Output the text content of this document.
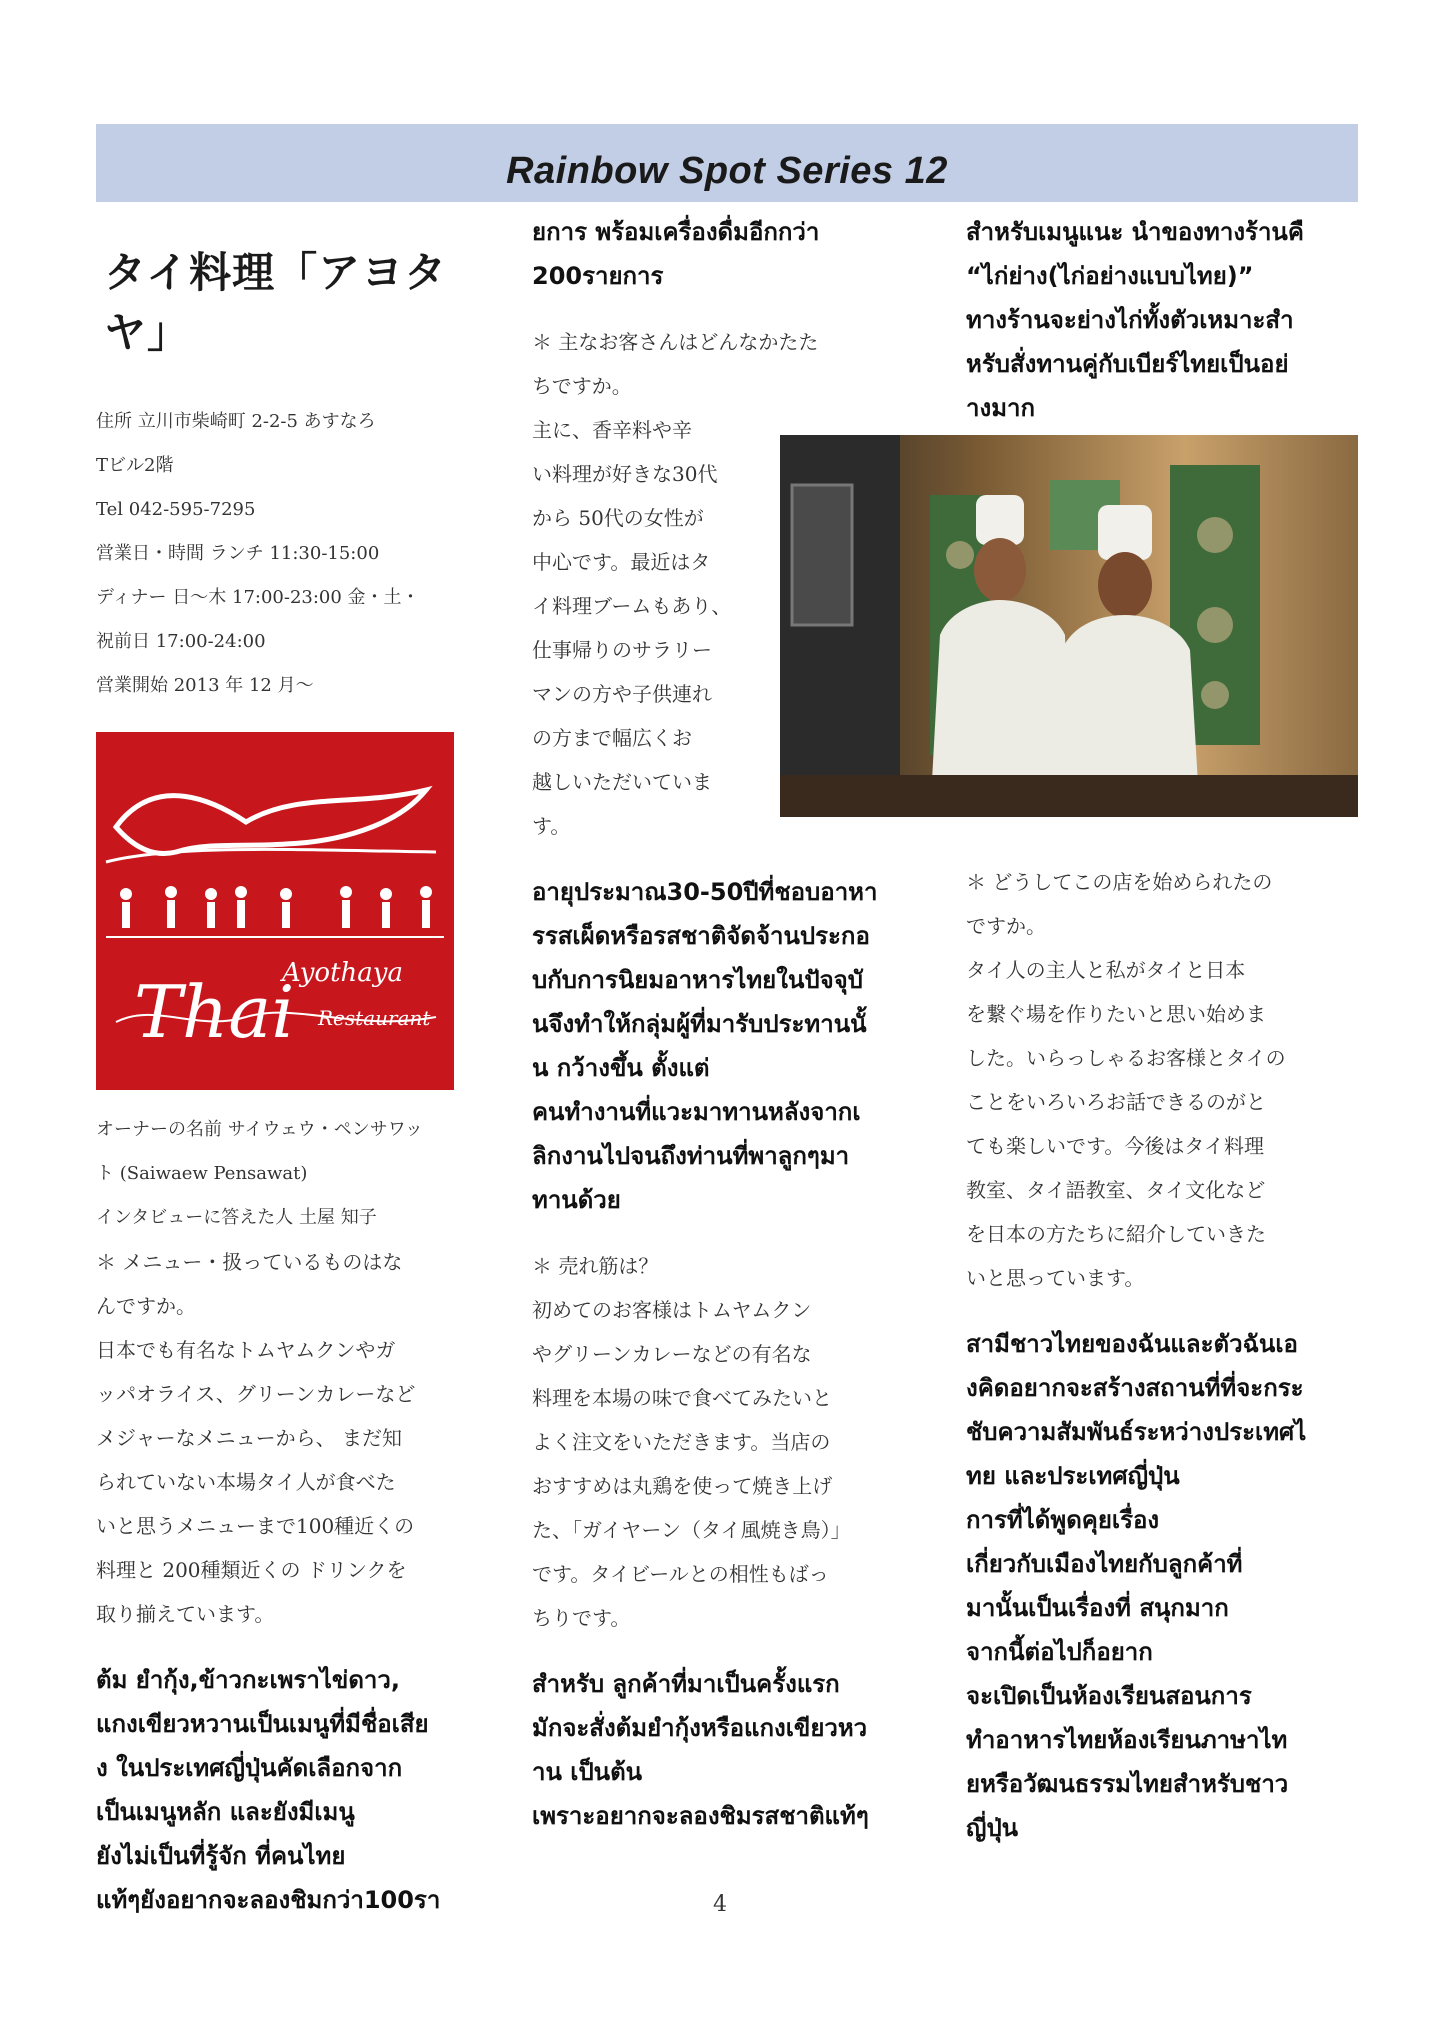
Rainbow Spot Series 12
タイ料理「アヨタヤ」
住所 立川市柴崎町 2-2-5 あすなろ
Tビル2階
Tel 042-595-7295
営業日・時間 ランチ 11:30-15:00
ディナー 日〜木 17:00-23:00 金・土・
祝前日 17:00-24:00
営業開始 2013 年 12 月〜
Thai
Ayothaya
Restaurant
オーナーの名前 サイウェウ・ペンサワッ
ト (Saiwaew Pensawat)
インタビューに答えた人 土屋 知子
＊ メニュー・扱っているものはな
んですか。
日本でも有名なトムヤムクンやガ
ッパオライス、グリーンカレーなど
メジャーなメニューから、 まだ知
られていない本場タイ人が食べた
いと思うメニューまで100種近くの
料理と 200種類近くの ドリンクを
取り揃えています。
ต้ม ยำกุ้ง,ข้าวกะเพราไข่ดาว,
แกงเขียวหวานเป็นเมนูที่มีชื่อเสีย
ง ในประเทศญี่ปุ่นคัดเลือกจาก
เป็นเมนูหลัก และยังมีเมนู
ยังไม่เป็นที่รู้จัก ที่คนไทย
แท้ๆยังอยากจะลองชิมกว่า100รา
ยการ พร้อมเครื่องดื่มอีกกว่า
200รายการ
＊ 主なお客さんはどんなかたた
ちですか。
主に、香辛料や辛
い料理が好きな30代
から 50代の女性が
中心です。最近はタ
イ料理ブームもあり、
仕事帰りのサラリー
マンの方や子供連れ
の方まで幅広くお
越しいただいていま
す。
อายุประมาณ30-50ปีที่ชอบอาหา
รรสเผ็ดหรือรสชาติจัดจ้านประกอ
บกับการนิยมอาหารไทยในปัจจุบั
นจึงทำให้กลุ่มผู้ที่มารับประทานนั้
น กว้างขึ้น ตั้งแต่
คนทำงานที่แวะมาทานหลังจากเ
ลิกงานไปจนถึงท่านที่พาลูกๆมา
ทานด้วย
＊ 売れ筋は？
初めてのお客様はトムヤムクン
やグリーンカレーなどの有名な
料理を本場の味で食べてみたいと
よく注文をいただきます。当店の
おすすめは丸鶏を使って焼き上げ
た、「ガイヤーン（タイ風焼き鳥）」
です。タイビールとの相性もばっ
ちりです。
สำหรับ ลูกค้าที่มาเป็นครั้งแรก
มักจะสั่งต้มยำกุ้งหรือแกงเขียวหว
าน เป็นต้น
เพราะอยากจะลองชิมรสชาติแท้ๆ
สำหรับเมนูแนะ นำของทางร้านคื
“ไก่ย่าง(ไก่อย่างแบบไทย)”
ทางร้านจะย่างไก่ทั้งตัวเหมาะสำ
หรับสั่งทานคู่กับเบียร์ไทยเป็นอย่
างมาก
＊ どうしてこの店を始められたの
ですか。
タイ人の主人と私がタイと日本
を繋ぐ場を作りたいと思い始めま
した。いらっしゃるお客様とタイの
ことをいろいろお話できるのがと
ても楽しいです。今後はタイ料理
教室、タイ語教室、タイ文化など
を日本の方たちに紹介していきた
いと思っています。
สามีชาวไทยของฉันและตัวฉันเอ
งคิดอยากจะสร้างสถานที่ที่จะกระ
ชับความสัมพันธ์ระหว่างประเทศไ
ทย และประเทศญี่ปุ่น
การที่ได้พูดคุยเรื่อง
เกี่ยวกับเมืองไทยกับลูกค้าที่
มานั้นเป็นเรื่องที่ สนุกมาก
จากนี้ต่อไปก็อยาก
จะเปิดเป็นห้องเรียนสอนการ
ทำอาหารไทยห้องเรียนภาษาไท
ยหรือวัฒนธรรมไทยสำหรับชาว
ญี่ปุ่น
4
